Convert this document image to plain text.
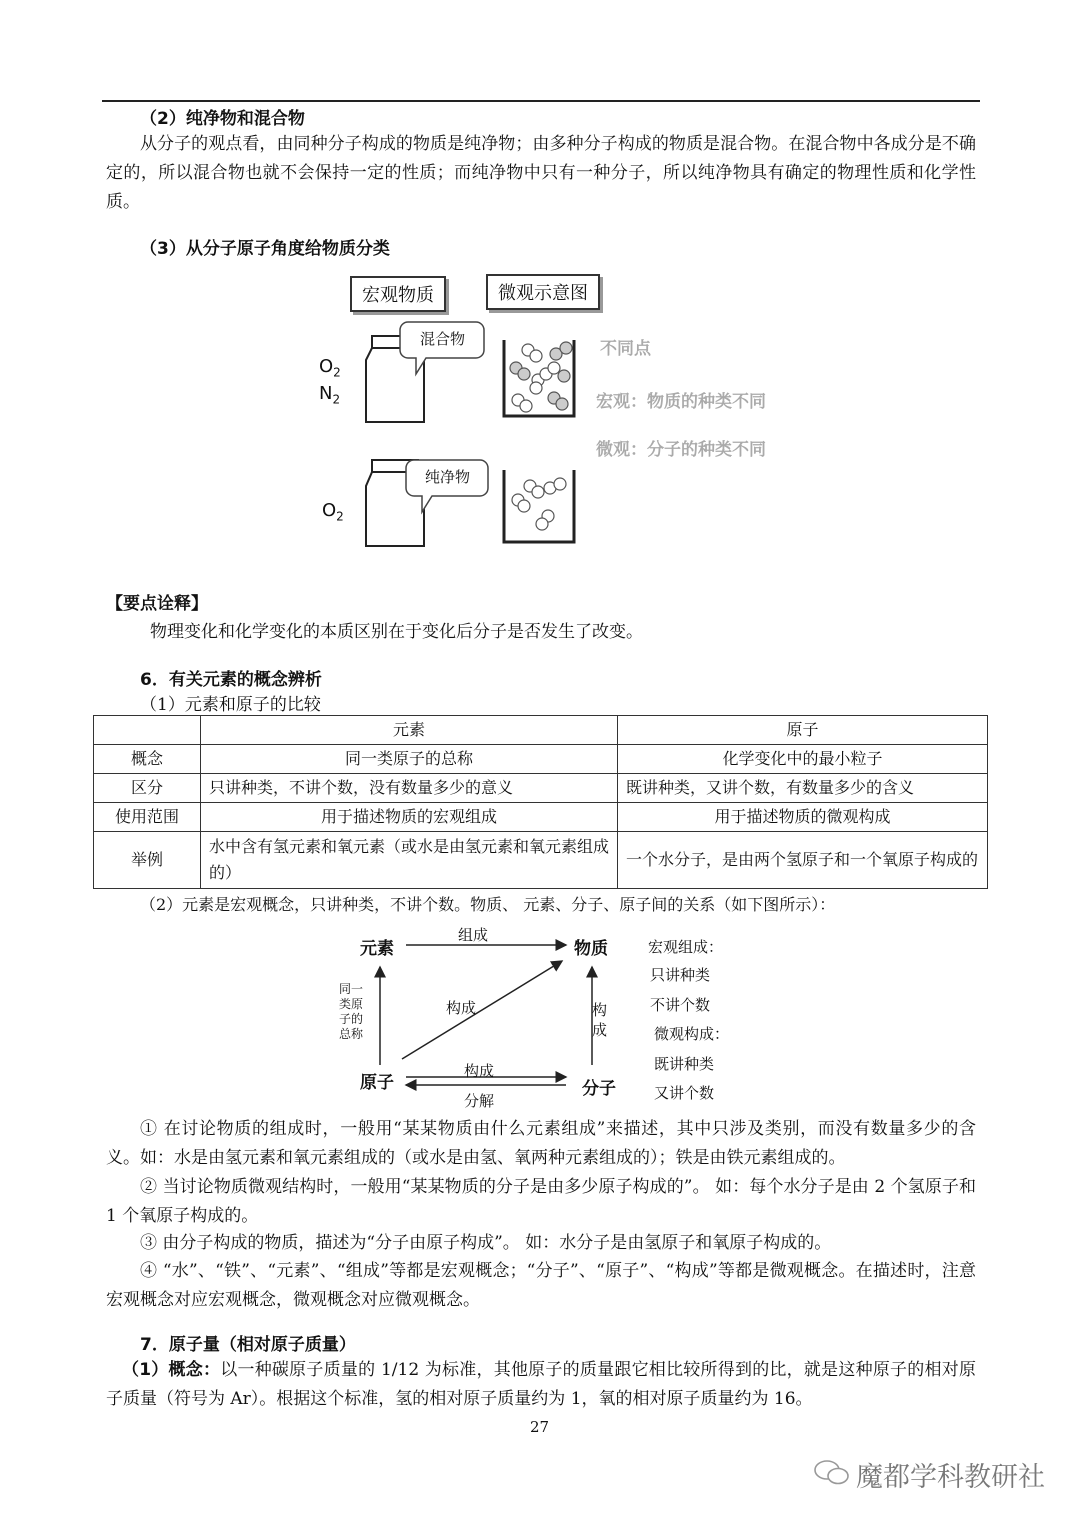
（2）纯净物和混合物
从分子的观点看，由同种分子构成的物质是纯净物；由多种分子构成的物质是混合物。在混合物中各成分是不确定的，所以混合物也就不会保持一定的性质；而纯净物中只有一种分子，所以纯净物具有确定的物理性质和化学性质。
（3）从分子原子角度给物质分类
宏观物质	微观示意图
混合物
纯净物
$O_2$
$N_2$
$O_2$
不同点
宏观：物质的种类不同
微观：分子的种类不同
【要点诠释】
物理变化和化学变化的本质区别在于变化后分子是否发生了改变。
6．有关元素的概念辨析
（1）元素和原子的比较
	元素	原子
概念	同一类原子的总称	化学变化中的最小粒子
区分	只讲种类，不讲个数，没有数量多少的意义	既讲种类，又讲个数，有数量多少的含义
使用范围	用于描述物质的宏观组成	用于描述物质的微观构成
举例	水中含有氢元素和氧元素（或水是由氢元素和氧元素组成的）	一个水分子，是由两个氢原子和一个氧原子构成的
（2）元素是宏观概念，只讲种类，不讲个数。物质、 元素、分子、原子间的关系（如下图所示）：
元素	物质
原子	分子
组成
构成	构成
构成
分解
同一类原子的总称
宏观组成：
只讲种类
不讲个数
微观构成：
既讲种类
又讲个数
① 在讨论物质的组成时，一般用“某某物质由什么元素组成”来描述，其中只涉及类别，而没有数量多少的含义。如：水是由氢元素和氧元素组成的（或水是由氢、氧两种元素组成的）；铁是由铁元素组成的。
② 当讨论物质微观结构时，一般用“某某物质的分子是由多少原子构成的”。 如：每个水分子是由 2 个氢原子和 1 个氧原子构成的。
③ 由分子构成的物质，描述为“分子由原子构成”。 如：水分子是由氢原子和氧原子构成的。
④ “水”、“铁”、“元素”、“组成”等都是宏观概念；“分子”、“原子”、“构成”等都是微观概念。在描述时，注意宏观概念对应宏观概念，微观概念对应微观概念。
7．原子量（相对原子质量）
（1）概念：以一种碳原子质量的 1/12 为标准，其他原子的质量跟它相比较所得到的比，就是这种原子的相对原子质量（符号为 Ar）。根据这个标准，氢的相对原子质量约为 1，氧的相对原子质量约为 16。
27
魔都学科教研社
